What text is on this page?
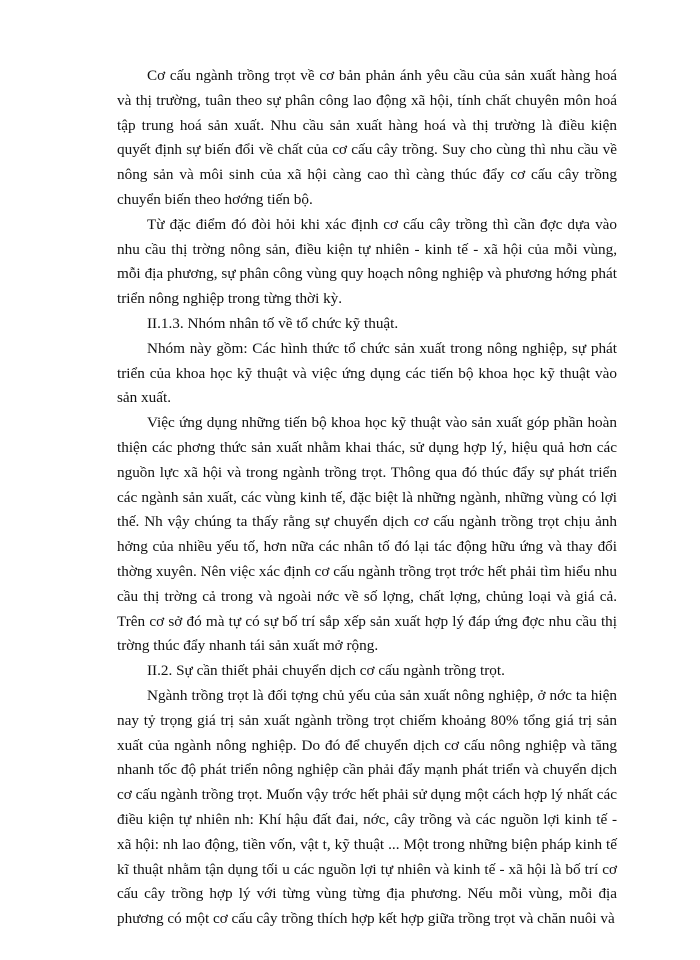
Cơ cấu ngành trồng trọt về cơ bản phản ánh yêu cầu của sản xuất hàng hoá và thị trường, tuân theo sự phân công lao động xã hội, tính chất chuyên môn hoá tập trung hoá sản xuất. Nhu cầu sản xuất hàng hoá và thị trường là điều kiện quyết định sự biến đổi về chất của cơ cấu cây trồng. Suy cho cùng thì nhu cầu về nông sản và môi sinh của xã hội càng cao thì càng thúc đẩy cơ cấu cây trồng chuyển biến theo hơớng tiến bộ.

Từ đặc điểm đó đòi hỏi khi xác định cơ cấu cây trồng thì cần đợc dựa vào nhu cầu thị trờng nông sản, điều kiện tự nhiên - kinh tế - xã hội của mỗi vùng, mỗi địa phương, sự phân công vùng quy hoạch nông nghiệp và phương hớng phát triển nông nghiệp trong từng thời kỳ.

II.1.3. Nhóm nhân tố về tổ chức kỹ thuật.

Nhóm này gồm: Các hình thức tổ chức sản xuất trong nông nghiệp, sự phát triển của khoa học kỹ thuật và việc ứng dụng các tiến bộ khoa học kỹ thuật vào sản xuất.

Việc ứng dụng những tiến bộ khoa học kỹ thuật vào sản xuất góp phần hoàn thiện các phơng thức sản xuất nhằm khai thác, sử dụng hợp lý, hiệu quả hơn các nguồn lực xã hội và trong ngành trồng trọt. Thông qua đó thúc đẩy sự phát triển các ngành sản xuất, các vùng kinh tế, đặc biệt là những ngành, những vùng có lợi thế. Nh vậy chúng ta thấy rằng sự chuyển dịch cơ cấu ngành trồng trọt chịu ảnh hởng của nhiều yếu tố, hơn nữa các nhân tố đó lại tác động hữu ứng và thay đổi thờng xuyên. Nên việc xác định cơ cấu ngành trồng trọt trớc hết phải tìm hiểu nhu cầu thị trờng cả trong và ngoài nớc về số lợng, chất lợng, chủng loại và giá cả. Trên cơ sở đó mà tự có sự bố trí sắp xếp sản xuất hợp lý đáp ứng đợc nhu cầu thị trờng thúc đẩy nhanh tái sản xuất mở rộng.

II.2. Sự cần thiết phải chuyển dịch cơ cấu ngành trồng trọt.

Ngành trồng trọt là đối tợng chủ yếu của sản xuất nông nghiệp, ở nớc ta hiện nay tỷ trọng giá trị sản xuất ngành trồng trọt chiếm khoảng 80% tổng giá trị sản xuất của ngành nông nghiệp. Do đó để chuyển dịch cơ cấu nông nghiệp và tăng nhanh tốc độ phát triển nông nghiệp cần phải đẩy mạnh phát triển và chuyển dịch cơ cấu ngành trồng trọt. Muốn vậy trớc hết phải sử dụng một cách hợp lý nhất các điều kiện tự nhiên nh: Khí hậu đất đai, nớc, cây trồng và các nguồn lợi kinh tế - xã hội: nh lao động, tiền vốn, vật t, kỹ thuật ... Một trong những biện pháp kinh tế kĩ thuật nhằm tận dụng tối u các nguồn lợi tự nhiên và kinh tế - xã hội là bố trí cơ cấu cây trồng hợp lý với từng vùng từng địa phương. Nếu mỗi vùng, mỗi địa phương có một cơ cấu cây trồng thích hợp kết hợp giữa trồng trọt và chăn nuôi và
